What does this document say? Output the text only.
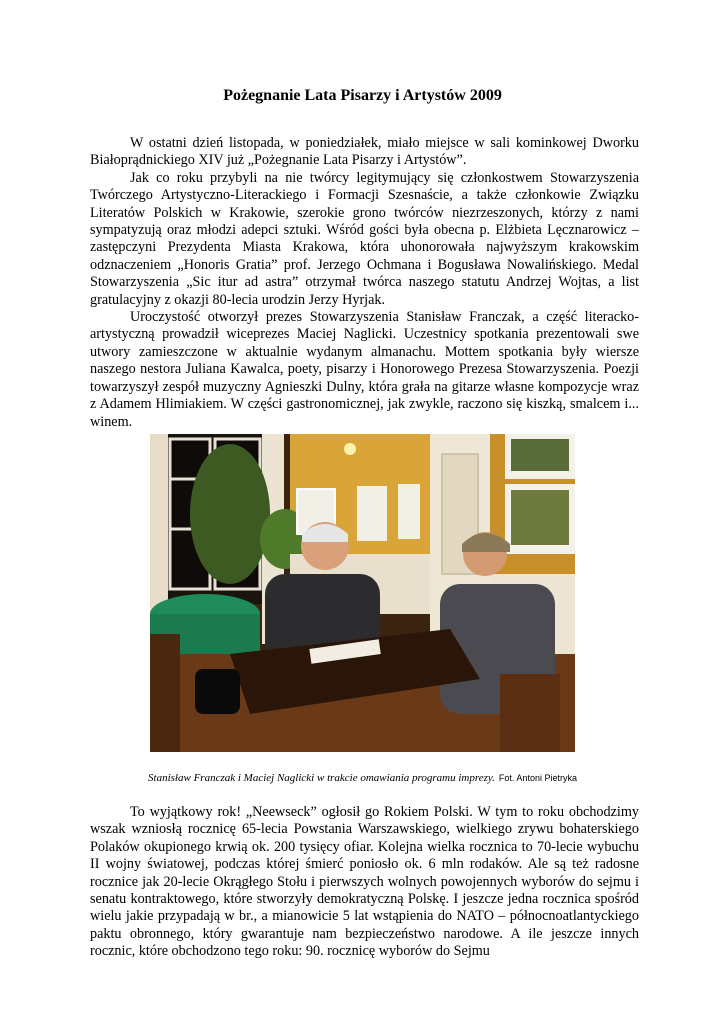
Pożegnanie Lata Pisarzy i Artystów 2009

W ostatni dzień listopada, w poniedziałek, miało miejsce w sali kominkowej Dworku Białoprądnickiego XIV już „Pożegnanie Lata Pisarzy i Artystów”.

Jak co roku przybyli na nie twórcy legitymujący się członkostwem Stowarzyszenia Twórczego Artystyczno-Literackiego i Formacji Szesnaście, a także członkowie Związku Literatów Polskich w Krakowie, szerokie grono twórców niezrzeszonych, którzy z nami sympatyzują oraz młodzi adepci sztuki. Wśród gości była obecna p. Elżbieta Lęcznarowicz – zastępczyni Prezydenta Miasta Krakowa, która uhonorowała najwyższym krakowskim odznaczeniem „Honoris Gratia” prof. Jerzego Ochmana i Bogusława Nowalińskiego. Medal Stowarzyszenia „Sic itur ad astra” otrzymał twórca naszego statutu Andrzej Wojtas, a list gratulacyjny z okazji 80-lecia urodzin Jerzy Hyrjak.

Uroczystość otworzył prezes Stowarzyszenia Stanisław Franczak, a część literacko-artystyczną prowadził wiceprezes Maciej Naglicki. Uczestnicy spotkania prezentowali swe utwory zamieszczone w aktualnie wydanym almanachu. Mottem spotkania były wiersze naszego nestora Juliana Kawalca, poety, pisarzy i Honorowego Prezesa Stowarzyszenia. Poezji towarzyszył zespół muzyczny Agnieszki Dulny, która grała na gitarze własne kompozycje wraz z Adamem Hlimiakiem. W części gastronomicznej, jak zwykle, raczono się kiszką, smalcem i... winem.

Stanisław Franczak i Maciej Naglicki w trakcie omawiania programu imprezy. Fot. Antoni Pietryka

To wyjątkowy rok! „Neewseck” ogłosił go Rokiem Polski. W tym to roku obchodzimy wszak wzniosłą rocznicę 65-lecia Powstania Warszawskiego, wielkiego zrywu bohaterskiego Polaków okupionego krwią ok. 200 tysięcy ofiar. Kolejna wielka rocznica to 70-lecie wybuchu II wojny światowej, podczas której śmierć poniosło ok. 6 mln rodaków. Ale są też radosne rocznice jak 20-lecie Okrągłego Stołu i pierwszych wolnych powojennych wyborów do sejmu i senatu kontraktowego, które stworzyły demokratyczną Polskę. I jeszcze jedna rocznica spośród wielu jakie przypadają w br., a mianowicie 5 lat wstąpienia do NATO – północnoatlantyckiego paktu obronnego, który gwarantuje nam bezpieczeństwo narodowe. A ile jeszcze innych rocznic, które obchodzono tego roku: 90. rocznicę wyborów do Sejmu
